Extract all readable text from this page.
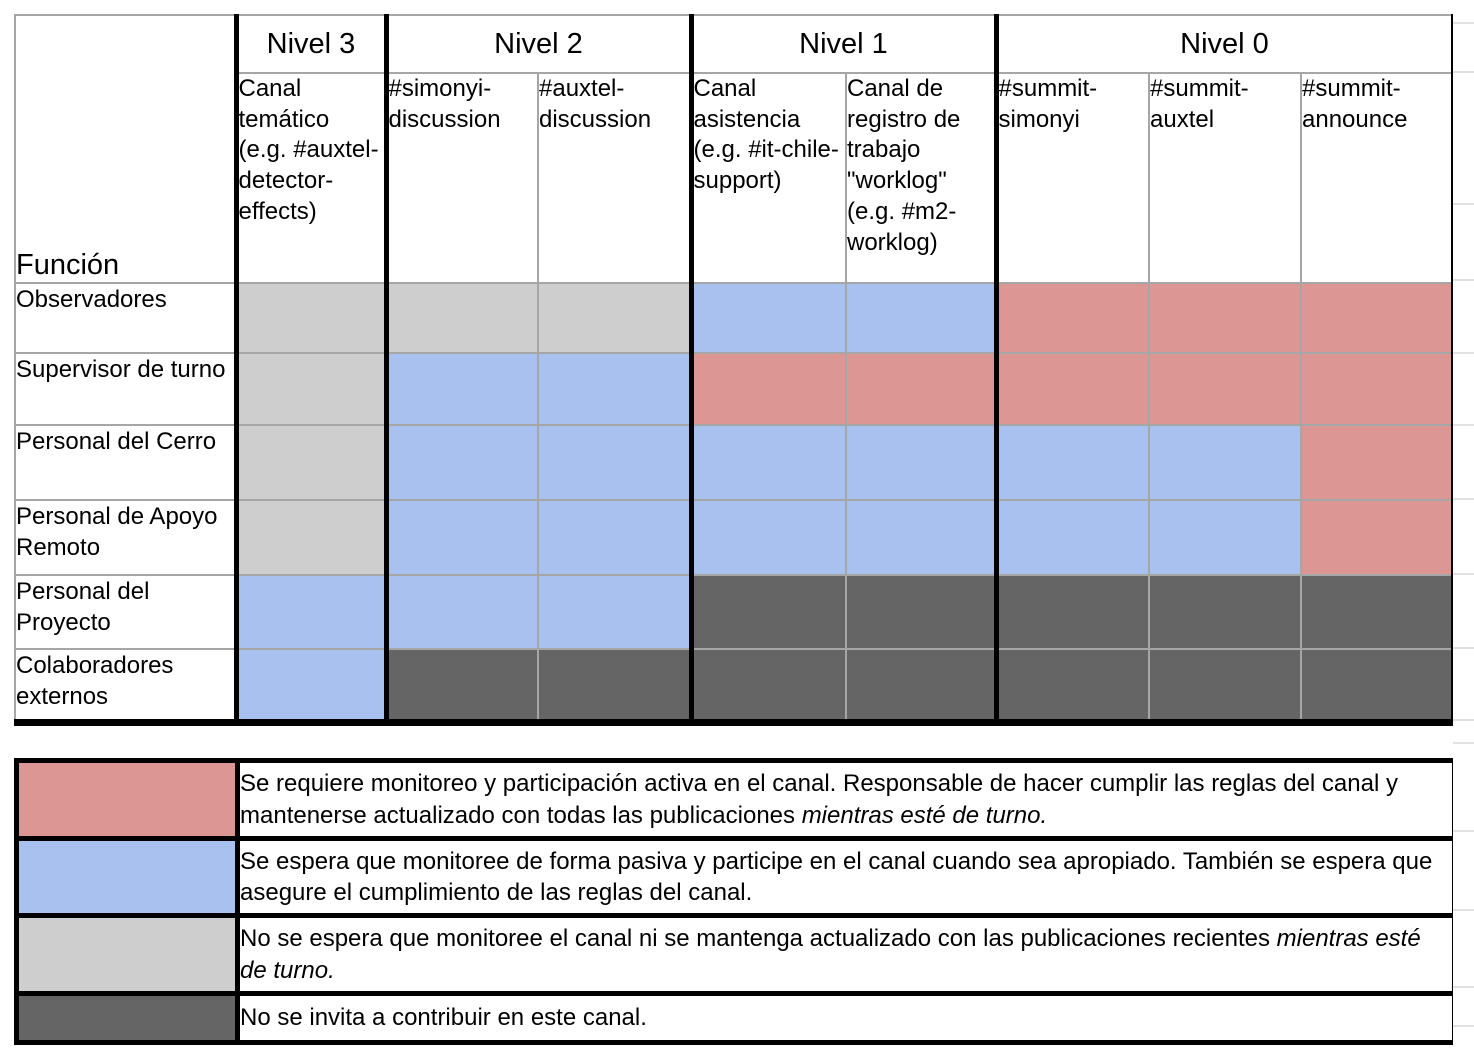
Función	Nivel 3	Nivel 2		Nivel 1		Nivel 0		
	Canal temático (e.g. #auxtel-detector-effects)	#simonyi-discussion	#auxtel-discussion	Canal asistencia (e.g. #it-chile-support)	Canal de registro de trabajo "worklog" (e.g. #m2-worklog)	#summit-simonyi	#summit-auxtel	#summit-announce
Observadores								
Supervisor de turno								
Personal del Cerro								
Personal de Apoyo Remoto								
Personal del Proyecto								
Colaboradores externos								
	Se requiere monitoreo y participación activa en el canal. Responsable de hacer cumplir las reglas del canal y mantenerse actualizado con todas las publicaciones mientras esté de turno.
	Se espera que monitoree de forma pasiva y participe en el canal cuando sea apropiado. También se espera que asegure el cumplimiento de las reglas del canal.
	No se espera que monitoree el canal ni se mantenga actualizado con las publicaciones recientes mientras esté de turno.
	No se invita a contribuir en este canal.
